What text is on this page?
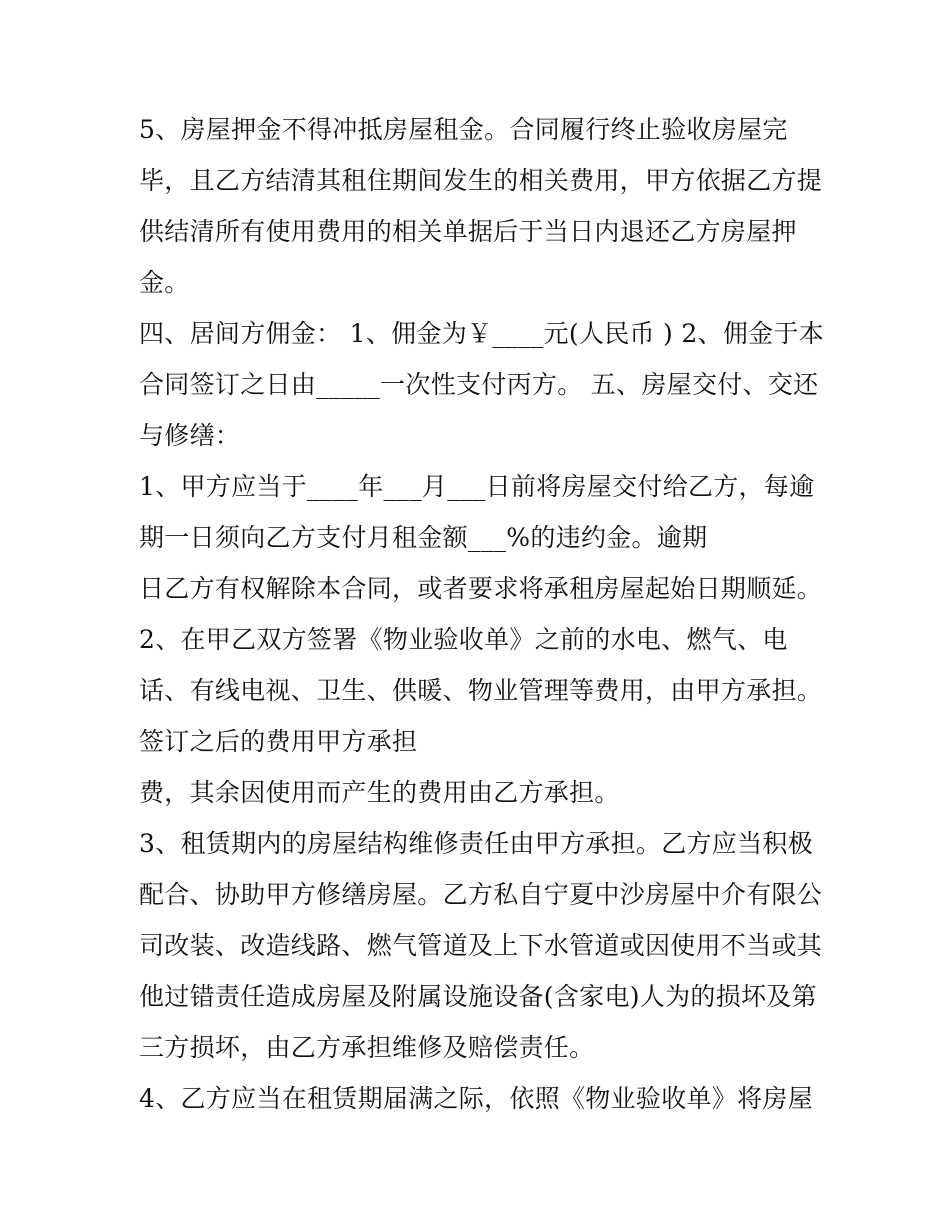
5、房屋押金不得冲抵房屋租金。合同履行终止验收房屋完
毕，且乙方结清其租住期间发生的相关费用，甲方依据乙方提
供结清所有使用费用的相关单据后于当日内退还乙方房屋押
金。
四、居间方佣金： 1、佣金为￥____元(人民币 ) 2、佣金于本
合同签订之日由_____一次性支付丙方。 五、房屋交付、交还
与修缮：
1、甲方应当于____年___月___日前将房屋交付给乙方，每逾
期一日须向乙方支付月租金额___%的违约金。逾期
日乙方有权解除本合同，或者要求将承租房屋起始日期顺延。
2、在甲乙双方签署《物业验收单》之前的水电、燃气、电
话、有线电视、卫生、供暖、物业管理等费用，由甲方承担。
签订之后的费用甲方承担
费，其余因使用而产生的费用由乙方承担。
3、租赁期内的房屋结构维修责任由甲方承担。乙方应当积极
配合、协助甲方修缮房屋。乙方私自宁夏中沙房屋中介有限公
司改装、改造线路、燃气管道及上下水管道或因使用不当或其
他过错责任造成房屋及附属设施设备(含家电)人为的损坏及第
三方损坏，由乙方承担维修及赔偿责任。
4、乙方应当在租赁期届满之际，依照《物业验收单》将房屋
